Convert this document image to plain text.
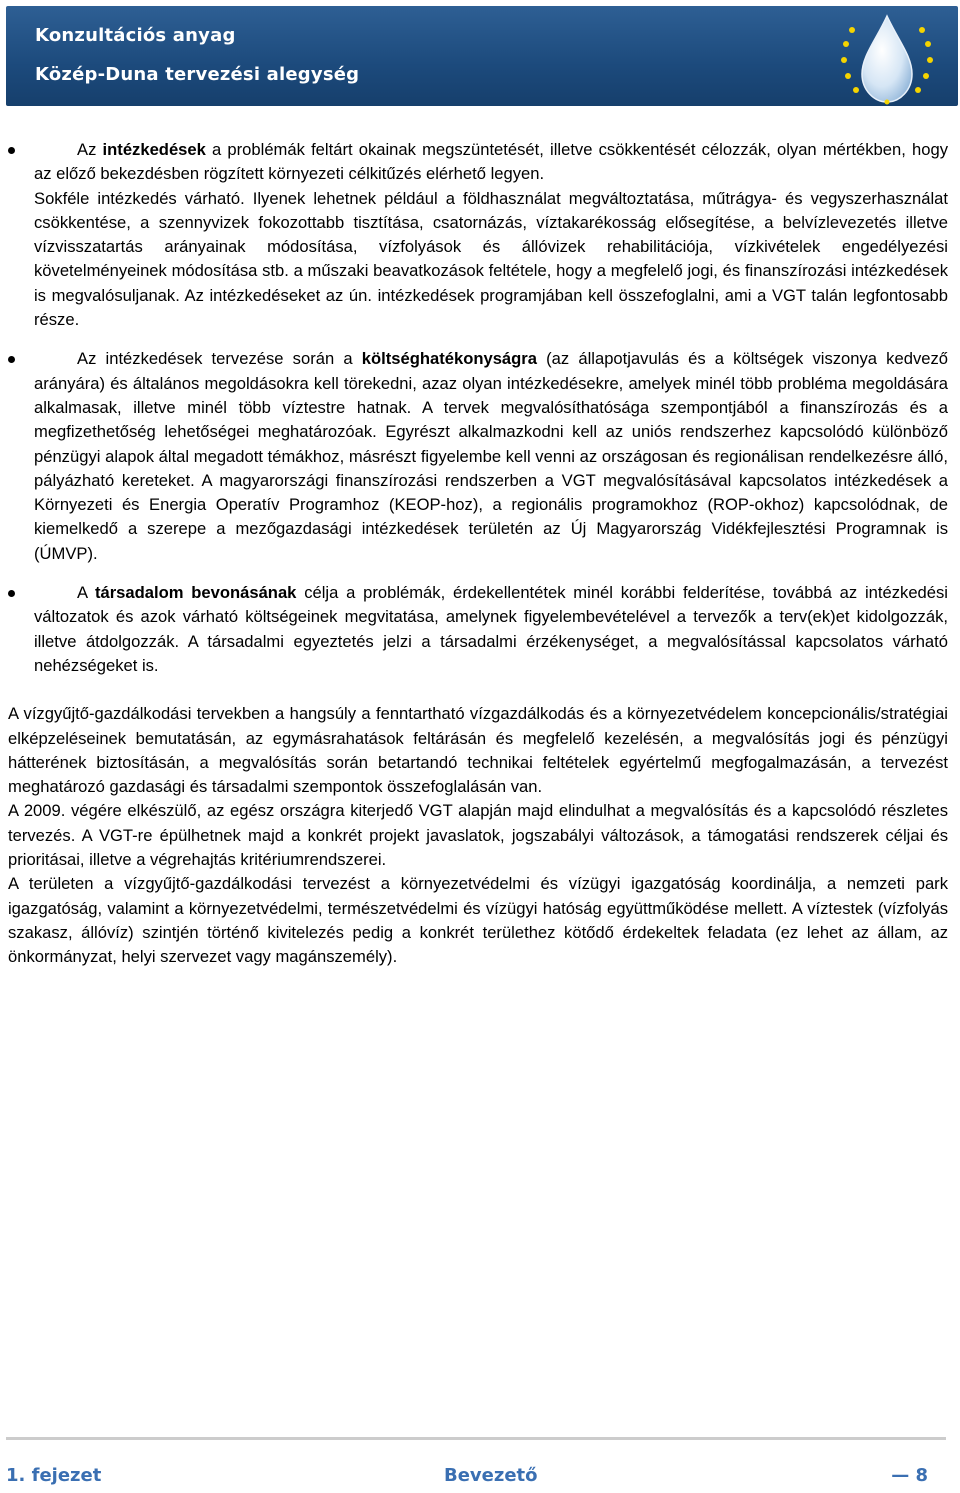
Konzultációs anyag
Közép-Duna tervezési alegység

Az intézkedések a problémák feltárt okainak megszüntetését, illetve csökkentését célozzák, olyan mértékben, hogy az előző bekezdésben rögzített környezeti célkitűzés elérhető legyen.

Sokféle intézkedés várható. Ilyenek lehetnek például a földhasználat megváltoztatása, műtrágya- és vegyszerhasználat csökkentése, a szennyvizek fokozottabb tisztítása, csatornázás, víztakarékosság elősegítése, a belvízlevezetés illetve vízvisszatartás arányainak módosítása, vízfolyások és állóvizek rehabilitációja, vízkivételek engedélyezési követelményeinek módosítása stb. a műszaki beavatkozások feltétele, hogy a megfelelő jogi, és finanszírozási intézkedések is megvalósuljanak. Az intézkedéseket az ún. intézkedések programjában kell összefoglalni, ami a VGT talán legfontosabb része.

Az intézkedések tervezése során a költséghatékonyságra (az állapotjavulás és a költségek viszonya kedvező arányára) és általános megoldásokra kell törekedni, azaz olyan intézkedésekre, amelyek minél több probléma megoldására alkalmasak, illetve minél több víztestre hatnak. A tervek megvalósíthatósága szempontjából a finanszírozás és a megfizethetőség lehetőségei meghatározóak. Egyrészt alkalmazkodni kell az uniós rendszerhez kapcsolódó különböző pénzügyi alapok által megadott témákhoz, másrészt figyelembe kell venni az országosan és regionálisan rendelkezésre álló, pályázható kereteket. A magyarországi finanszírozási rendszerben a VGT megvalósításával kapcsolatos intézkedések a Környezeti és Energia Operatív Programhoz (KEOP-hoz), a regionális programokhoz (ROP-okhoz) kapcsolódnak, de kiemelkedő a szerepe a mezőgazdasági intézkedések területén az Új Magyarország Vidékfejlesztési Programnak is (ÚMVP).

A társadalom bevonásának célja a problémák, érdekellentétek minél korábbi felderítése, továbbá az intézkedési változatok és azok várható költségeinek megvitatása, amelynek figyelembevételével a tervezők a terv(ek)et kidolgozzák, illetve átdolgozzák. A társadalmi egyeztetés jelzi a társadalmi érzékenységet, a megvalósítással kapcsolatos várható nehézségeket is.

A vízgyűjtő-gazdálkodási tervekben a hangsúly a fenntartható vízgazdálkodás és a környezetvédelem koncepcionális/stratégiai elképzeléseinek bemutatásán, az egymásrahatások feltárásán és megfelelő kezelésén, a megvalósítás jogi és pénzügyi hátterének biztosításán, a megvalósítás során betartandó technikai feltételek egyértelmű megfogalmazásán, a tervezést meghatározó gazdasági és társadalmi szempontok összefoglalásán van.

A 2009. végére elkészülő, az egész országra kiterjedő VGT alapján majd elindulhat a megvalósítás és a kapcsolódó részletes tervezés. A VGT-re épülhetnek majd a konkrét projekt javaslatok, jogszabályi változások, a támogatási rendszerek céljai és prioritásai, illetve a végrehajtás kritériumrendszerei.

A területen a vízgyűjtő-gazdálkodási tervezést a környezetvédelmi és vízügyi igazgatóság koordinálja, a nemzeti park igazgatóság, valamint a környezetvédelmi, természetvédelmi és vízügyi hatóság együttműködése mellett. A víztestek (vízfolyás szakasz, állóvíz) szintjén történő kivitelezés pedig a konkrét területhez kötődő érdekeltek feladata (ez lehet az állam, az önkormányzat, helyi szervezet vagy magánszemély).

1. fejezet	Bevezető	— 8
